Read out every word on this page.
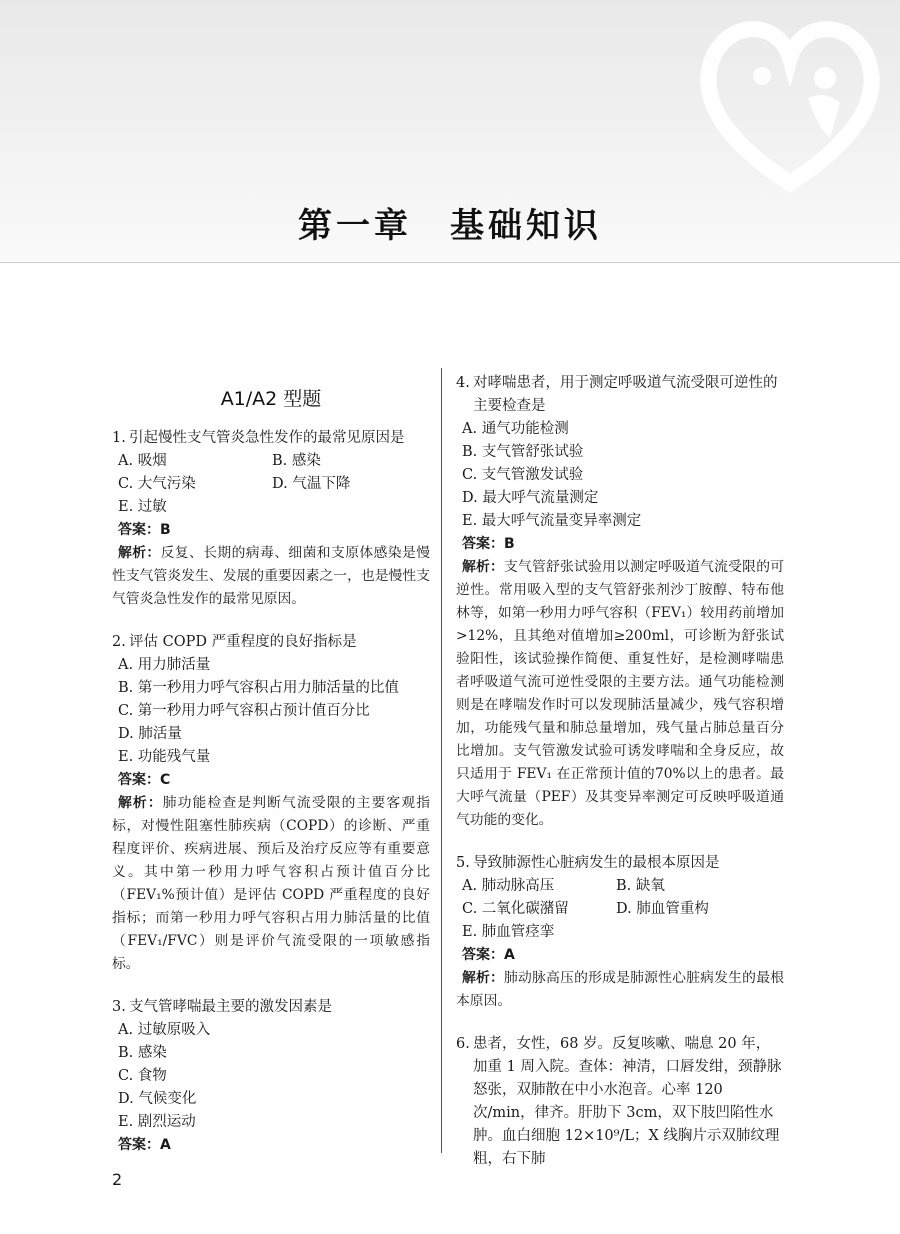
第一章　基础知识
A1/A2 型题
1. 引起慢性支气管炎急性发作的最常见原因是
A. 吸烟	B. 感染
C. 大气污染	D. 气温下降
E. 过敏
答案：B
解析：反复、长期的病毒、细菌和支原体感染是慢性支气管炎发生、发展的重要因素之一，也是慢性支气管炎急性发作的最常见原因。
2. 评估 COPD 严重程度的良好指标是
A. 用力肺活量
B. 第一秒用力呼气容积占用力肺活量的比值
C. 第一秒用力呼气容积占预计值百分比
D. 肺活量
E. 功能残气量
答案：C
解析：肺功能检查是判断气流受限的主要客观指标，对慢性阻塞性肺疾病（COPD）的诊断、严重程度评价、疾病进展、预后及治疗反应等有重要意义。其中第一秒用力呼气容积占预计值百分比（FEV₁%预计值）是评估 COPD 严重程度的良好指标；而第一秒用力呼气容积占用力肺活量的比值（FEV₁/FVC）则是评价气流受限的一项敏感指标。
3. 支气管哮喘最主要的激发因素是
A. 过敏原吸入
B. 感染
C. 食物
D. 气候变化
E. 剧烈运动
答案：A
4. 对哮喘患者，用于测定呼吸道气流受限可逆性的主要检查是
A. 通气功能检测
B. 支气管舒张试验
C. 支气管激发试验
D. 最大呼气流量测定
E. 最大呼气流量变异率测定
答案：B
解析：支气管舒张试验用以测定呼吸道气流受限的可逆性。常用吸入型的支气管舒张剂沙丁胺醇、特布他林等，如第一秒用力呼气容积（FEV₁）较用药前增加>12%，且其绝对值增加≥200ml，可诊断为舒张试验阳性，该试验操作简便、重复性好，是检测哮喘患者呼吸道气流可逆性受限的主要方法。通气功能检测则是在哮喘发作时可以发现肺活量减少，残气容积增加，功能残气量和肺总量增加，残气量占肺总量百分比增加。支气管激发试验可诱发哮喘和全身反应，故只适用于 FEV₁ 在正常预计值的70%以上的患者。最大呼气流量（PEF）及其变异率测定可反映呼吸道通气功能的变化。
5. 导致肺源性心脏病发生的最根本原因是
A. 肺动脉高压	B. 缺氧
C. 二氧化碳潴留	D. 肺血管重构
E. 肺血管痉挛
答案：A
解析：肺动脉高压的形成是肺源性心脏病发生的最根本原因。
6. 患者，女性，68 岁。反复咳嗽、喘息 20 年，加重 1 周入院。查体：神清，口唇发绀，颈静脉怒张，双肺散在中小水泡音。心率 120 次/min，律齐。肝肋下 3cm，双下肢凹陷性水肿。血白细胞 12×10⁹/L；X 线胸片示双肺纹理粗，右下肺
2
